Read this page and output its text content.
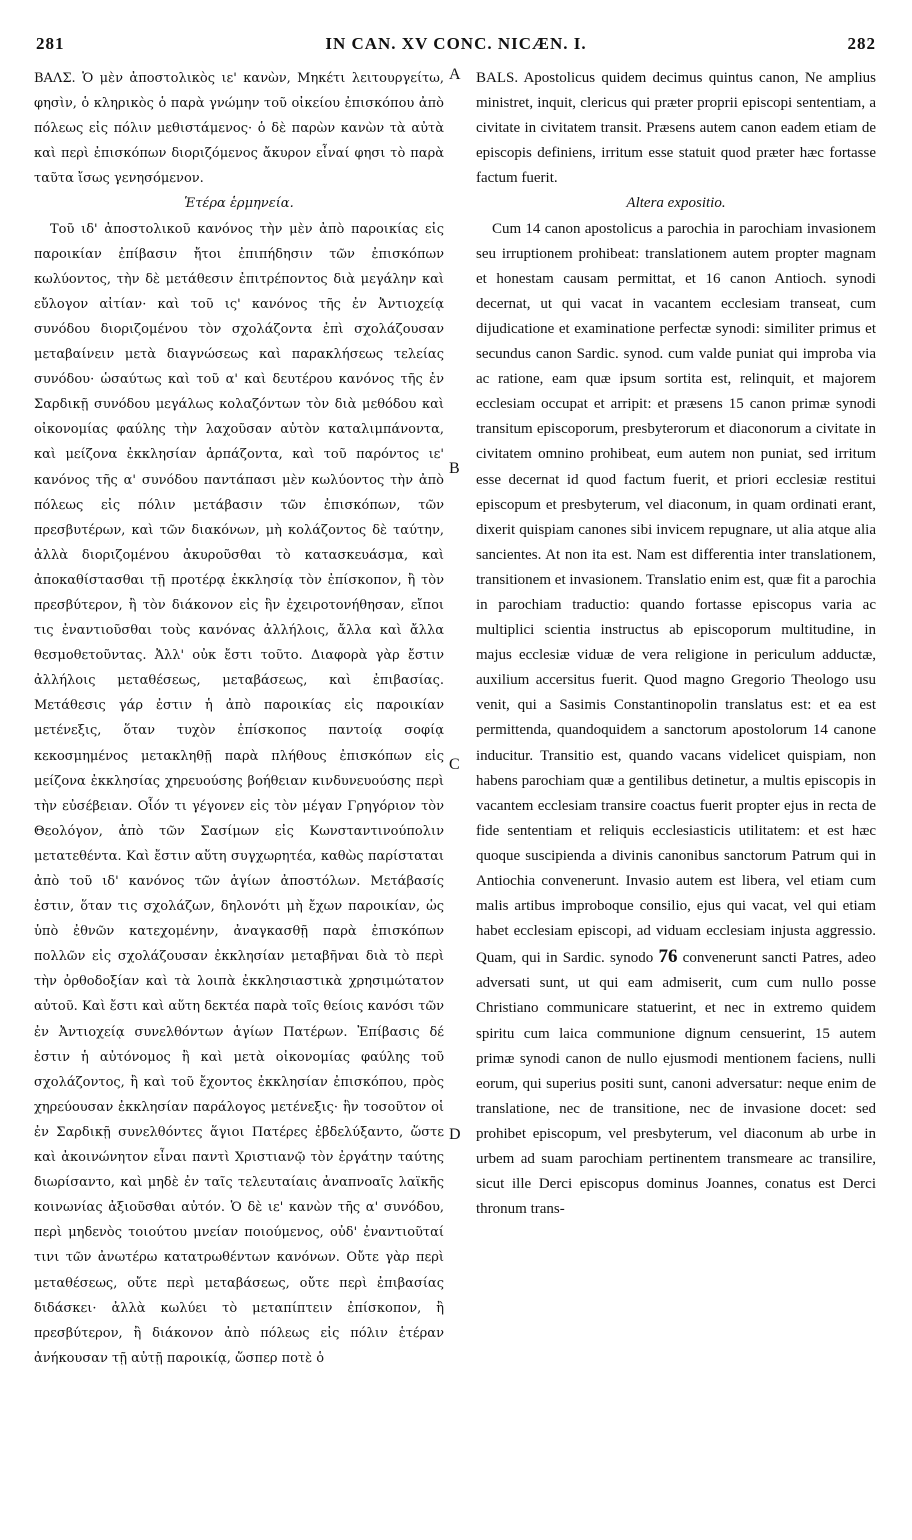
281	IN CAN. XV CONC. NICÆN. I.	282

ΒΑΛΣ. Ὁ μὲν ἀποστολικὸς ιε' κανὼν, Μηκέτι λειτουργείτω, φησὶν, ὁ κληρικὸς ὁ παρὰ γνώμην τοῦ οἰκείου ἐπισκόπου ἀπὸ πόλεως εἰς πόλιν μεθιστάμενος· ὁ δὲ παρὼν κανὼν τὰ αὐτὰ καὶ περὶ ἐπισκόπων διοριζόμενος ἄκυρον εἶναί φησι τὸ παρὰ ταῦτα ἴσως γενησόμενον.

Ἑτέρα ἑρμηνεία.

Τοῦ ιδ' ἀποστολικοῦ κανόνος τὴν μὲν ἀπὸ παροικίας εἰς παροικίαν ἐπίβασιν ἤτοι ἐπιπήδησιν τῶν ἐπισκόπων κωλύοντος, τὴν δὲ μετάθεσιν ἐπιτρέποντος διὰ μεγάλην καὶ εὔλογον αἰτίαν· καὶ τοῦ ις' κανόνος τῆς ἐν Ἀντιοχείᾳ συνόδου διοριζομένου τὸν σχολάζοντα ἐπὶ σχολάζουσαν μεταβαίνειν μετὰ διαγνώσεως καὶ παρακλήσεως τελείας συνόδου· ὡσαύτως καὶ τοῦ α' καὶ δευτέρου κανόνος τῆς ἐν Σαρδικῇ συνόδου μεγάλως κολαζόντων τὸν διὰ μεθόδου καὶ οἰκονομίας φαύλης τὴν λαχοῦσαν αὐτὸν καταλιμπάνοντα, καὶ μείζονα ἐκκλησίαν ἁρπάζοντα, καὶ τοῦ παρόντος ιε' κανόνος τῆς α' συνόδου παντάπασι μὲν κωλύοντος τὴν ἀπὸ πόλεως εἰς πόλιν μετάβασιν τῶν ἐπισκόπων, τῶν πρεσβυτέρων, καὶ τῶν διακόνων, μὴ κολάζοντος δὲ ταύτην, ἀλλὰ διοριζομένου ἀκυροῦσθαι τὸ κατασκευάσμα, καὶ ἀποκαθίστασθαι τῇ προτέρᾳ ἐκκλησίᾳ τὸν ἐπίσκοπον, ἢ τὸν πρεσβύτερον, ἢ τὸν διάκονον εἰς ἣν ἐχειροτονήθησαν, εἴποι τις ἐναντιοῦσθαι τοὺς κανόνας ἀλλήλοις, ἄλλα καὶ ἄλλα θεσμοθετοῦντας. Ἀλλ' οὐκ ἔστι τοῦτο. Διαφορὰ γὰρ ἔστιν ἀλλήλοις μεταθέσεως, μεταβάσεως, καὶ ἐπιβασίας. Μετάθεσις γάρ ἐστιν ἡ ἀπὸ παροικίας εἰς παροικίαν μετένεξις, ὅταν τυχὸν ἐπίσκοπος παντοίᾳ σοφίᾳ κεκοσμημένος μετακληθῇ παρὰ πλήθους ἐπισκόπων εἰς μείζονα ἐκκλησίας χηρευούσης βοήθειαν κινδυνευούσης περὶ τὴν εὐσέβειαν. Οἷόν τι γέγονεν εἰς τὸν μέγαν Γρηγόριον τὸν Θεολόγον, ἀπὸ τῶν Σασίμων εἰς Κωνσταντινούπολιν μετατεθέντα. Καὶ ἔστιν αὕτη συγχωρητέα, καθὼς παρίσταται ἀπὸ τοῦ ιδ' κανόνος τῶν ἁγίων ἀποστόλων. Μετάβασίς ἐστιν, ὅταν τις σχολάζων, δηλονότι μὴ ἔχων παροικίαν, ὡς ὑπὸ ἐθνῶν κατεχομένην, ἀναγκασθῇ παρὰ ἐπισκόπων πολλῶν εἰς σχολάζουσαν ἐκκλησίαν μεταβῆναι διὰ τὸ περὶ τὴν ὀρθοδοξίαν καὶ τὰ λοιπὰ ἐκκλησιαστικὰ χρησιμώτατον αὐτοῦ. Καὶ ἔστι καὶ αὕτη δεκτέα παρὰ τοῖς θείοις κανόσι τῶν ἐν Ἀντιοχείᾳ συνελθόντων ἁγίων Πατέρων. Ἐπίβασις δέ ἐστιν ἡ αὐτόνομος ἢ καὶ μετὰ οἰκονομίας φαύλης τοῦ σχολάζοντος, ἢ καὶ τοῦ ἔχοντος ἐκκλησίαν ἐπισκόπου, πρὸς χηρεύουσαν ἐκκλησίαν παράλογος μετένεξις· ἣν τοσοῦτον οἱ ἐν Σαρδικῇ συνελθόντες ἅγιοι Πατέρες ἐβδελύξαντο, ὥστε καὶ ἀκοινώνητον εἶναι παντὶ Χριστιανῷ τὸν ἐργάτην ταύτης διωρίσαντο, καὶ μηδὲ ἐν ταῖς τελευταίαις ἀναπνοαῖς λαϊκῆς κοινωνίας ἀξιοῦσθαι αὐτόν. Ὁ δὲ ιε' κανὼν τῆς α' συνόδου, περὶ μηδενὸς τοιούτου μνείαν ποιούμενος, οὐδ' ἐναντιοῦταί τινι τῶν ἀνωτέρω κατατρωθέντων κανόνων. Οὔτε γὰρ περὶ μεταθέσεως, οὔτε περὶ μεταβάσεως, οὔτε περὶ ἐπιβασίας διδάσκει· ἀλλὰ κωλύει τὸ μεταπίπτειν ἐπίσκοπον, ἢ πρεσβύτερον, ἢ διάκονον ἀπὸ πόλεως εἰς πόλιν ἑτέραν ἀνήκουσαν τῇ αὐτῇ παροικίᾳ, ὥσπερ ποτὲ ὁ

BALS. Apostolicus quidem decimus quintus canon, Ne amplius ministret, inquit, clericus qui præter proprii episcopi sententiam, a civitate in civitatem transit. Præsens autem canon eadem etiam de episcopis definiens, irritum esse statuit quod præter hæc fortasse factum fuerit.

Altera expositio.

Cum 14 canon apostolicus a parochia in parochiam invasionem seu irruptionem prohibeat: translationem autem propter magnam et honestam causam permittat, et 16 canon Antioch. synodi decernat, ut qui vacat in vacantem ecclesiam transeat, cum dijudicatione et examinatione perfectæ synodi: similiter primus et secundus canon Sardic. synod. cum valde puniat qui improba via ac ratione, eam quæ ipsum sortita est, relinquit, et majorem ecclesiam occupat et arripit: et præsens 15 canon primæ synodi transitum episcoporum, presbyterorum et diaconorum a civitate in civitatem omnino prohibeat, eum autem non puniat, sed irritum esse decernat id quod factum fuerit, et priori ecclesiæ restitui episcopum et presbyterum, vel diaconum, in quam ordinati erant, dixerit quispiam canones sibi invicem repugnare, ut alia atque alia sancientes. At non ita est. Nam est differentia inter translationem, transitionem et invasionem. Translatio enim est, quæ fit a parochia in parochiam traductio: quando fortasse episcopus varia ac multiplici scientia instructus ab episcoporum multitudine, in majus ecclesiæ viduæ de vera religione in periculum adductæ, auxilium accersitus fuerit. Quod magno Gregorio Theologo usu venit, qui a Sasimis Constantinopolin translatus est: et ea est permittenda, quandoquidem a sanctorum apostolorum 14 canone inducitur. Transitio est, quando vacans videlicet quispiam, non habens parochiam quæ a gentilibus detinetur, a multis episcopis in vacantem ecclesiam transire coactus fuerit propter ejus in recta de fide sententiam et reliquis ecclesiasticis utilitatem: et est hæc quoque suscipienda a divinis canonibus sanctorum Patrum qui in Antiochia convenerunt. Invasio autem est libera, vel etiam cum malis artibus improboque consilio, ejus qui vacat, vel qui etiam habet ecclesiam episcopi, ad viduam ecclesiam injusta aggressio. Quam, qui in Sardic. synodo 76 convenerunt sancti Patres, adeo adversati sunt, ut qui eam admiserit, cum cum nullo posse Christiano communicare statuerint, et nec in extremo quidem spiritu cum laica communione dignum censuerint, 15 autem primæ synodi canon de nullo ejusmodi mentionem faciens, nulli eorum, qui superius positi sunt, canoni adversatur: neque enim de translatione, nec de transitione, nec de invasione docet: sed prohibet episcopum, vel presbyterum, vel diaconum ab urbe in urbem ad suam parochiam pertinentem transmeare ac transilire, sicut ille Derci episcopus dominus Joannes, conatus est Derci thronum trans-

A
B
C
D
